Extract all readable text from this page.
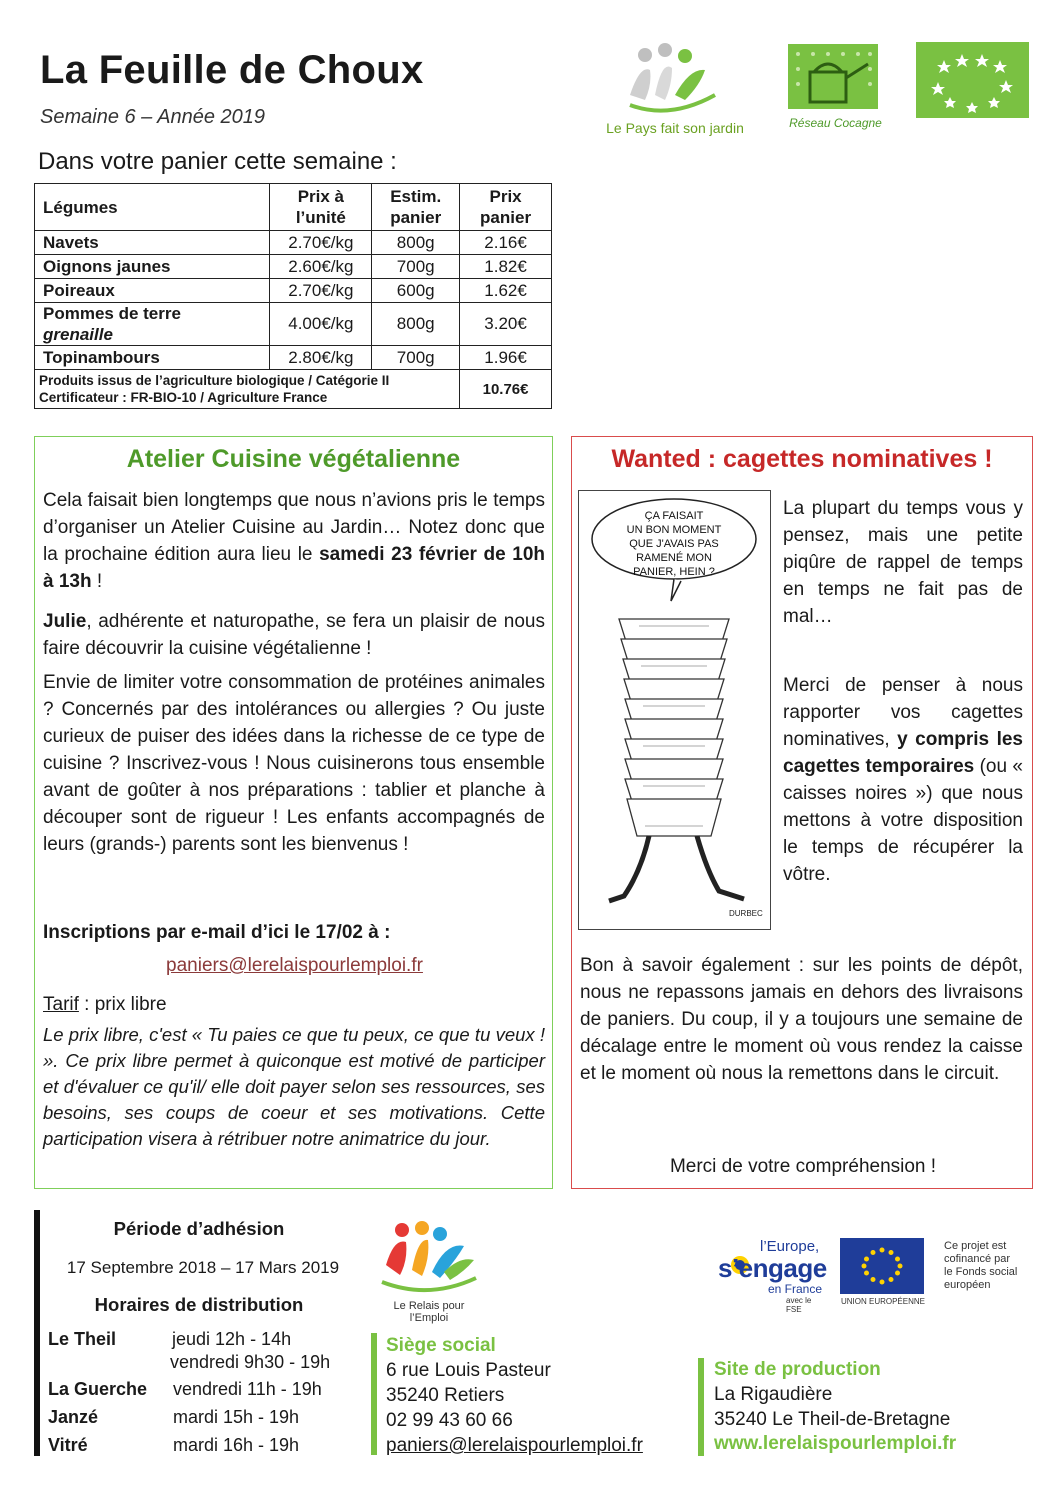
La Feuille de Choux
Semaine 6 – Année 2019	Le Pays fait son jardin	Réseau Cocagne
Dans votre panier cette semaine :
Légumes	Prix à l’unité	Estim. panier	Prix panier
Navets	2.70€/kg	800g	2.16€
Oignons jaunes	2.60€/kg	700g	1.82€
Poireaux	2.70€/kg	600g	1.62€
Pommes de terre
grenaille	4.00€/kg	800g	3.20€
Topinambours	2.80€/kg	700g	1.96€
Produits issus de l’agriculture biologique / Catégorie II
Certificateur : FR-BIO-10 / Agriculture France			10.76€
Atelier Cuisine végétalienne
Cela faisait bien longtemps que nous n’avions pris le temps d’organiser un Atelier Cuisine au Jardin… Notez donc que la prochaine édition aura lieu le samedi 23 février de 10h à 13h !
Julie, adhérente et naturopathe, se fera un plaisir de nous faire découvrir la cuisine végétalienne !
Envie de limiter votre consommation de protéines animales ? Concernés par des intolérances ou allergies ? Ou juste curieux de puiser des idées dans la richesse de ce type de cuisine ? Inscrivez-vous ! Nous cuisinerons tous ensemble avant de goûter à nos préparations : tablier et planche à découper sont de rigueur ! Les enfants accompagnés de leurs (grands-) parents sont les bienvenus !
Inscriptions par e-mail d’ici le 17/02 à :
paniers@lerelaispourlemploi.fr
Tarif : prix libre
Le prix libre, c'est « Tu paies ce que tu peux, ce que tu veux ! ». Ce prix libre permet à quiconque est motivé de participer et d'évaluer ce qu'il/ elle doit payer selon ses ressources, ses besoins, ses coups de coeur et ses motivations. Cette participation visera à rétribuer notre animatrice du jour.
Wanted : cagettes nominatives !
La plupart du temps vous y pensez, mais une petite piqûre de rappel de temps en temps ne fait pas de mal…
Merci de penser à nous rapporter vos cagettes nominatives, y compris les cagettes temporaires (ou « caisses noires ») que nous mettons à votre disposition le temps de récupérer la vôtre.
Bon à savoir également : sur les points de dépôt, nous ne repassons jamais en dehors des livraisons de paniers. Du coup, il y a toujours une semaine de décalage entre le moment où vous rendez la caisse et le moment où nous la remettons dans le circuit.
Merci de votre compréhension !
ÇA FAISAIT
UN BON MOMENT
QUE J'AVAIS PAS
RAMENÉ MON
PANIER, HEIN ?
DURBEC
Période d’adhésion
17 Septembre 2018 – 17 Mars 2019
Horaires de distribution
Le Theil	jeudi 12h - 14h
vendredi 9h30 - 19h
La Guerche vendredi 11h - 19h
Janzé	mardi 15h - 19h
Vitré	mardi 16h - 19h
Le Relais pour l’Emploi
Siège social
6 rue Louis Pasteur
35240 Retiers
02 99 43 60 66
paniers@lerelaispourlemploi.fr
l’Europe,
s’engage
en France
avec le FSE
UNION EUROPÉENNE
Ce projet est
cofinancé par
le Fonds social
européen
Site de production
La Rigaudière
35240 Le Theil-de-Bretagne
www.lerelaispourlemploi.fr
